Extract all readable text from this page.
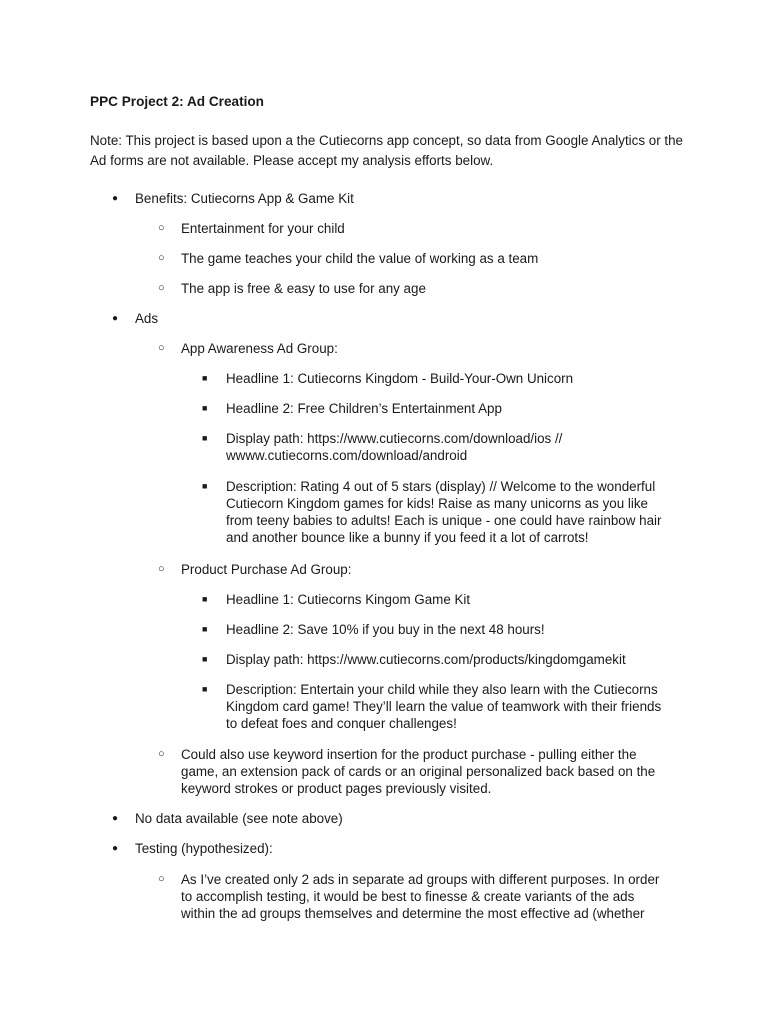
PPC Project 2: Ad Creation
Note: This project is based upon a the Cutiecorns app concept, so data from Google Analytics or the Ad forms are not available. Please accept my analysis efforts below.
● Benefits: Cutiecorns App & Game Kit
○ Entertainment for your child
○ The game teaches your child the value of working as a team
○ The app is free & easy to use for any age
● Ads
○ App Awareness Ad Group:
■ Headline 1: Cutiecorns Kingdom - Build-Your-Own Unicorn
■ Headline 2: Free Children’s Entertainment App
■ Display path: https://www.cutiecorns.com/download/ios //
wwww.cutiecorns.com/download/android
■ Description: Rating 4 out of 5 stars (display) // Welcome to the wonderful
Cutiecorn Kingdom games for kids! Raise as many unicorns as you like
from teeny babies to adults! Each is unique - one could have rainbow hair
and another bounce like a bunny if you feed it a lot of carrots!
○ Product Purchase Ad Group:
■ Headline 1: Cutiecorns Kingom Game Kit
■ Headline 2: Save 10% if you buy in the next 48 hours!
■ Display path: https://www.cutiecorns.com/products/kingdomgamekit
■ Description: Entertain your child while they also learn with the Cutiecorns
Kingdom card game! They’ll learn the value of teamwork with their friends
to defeat foes and conquer challenges!
○ Could also use keyword insertion for the product purchase - pulling either the
game, an extension pack of cards or an original personalized back based on the
keyword strokes or product pages previously visited.
● No data available (see note above)
● Testing (hypothesized):
○ As I’ve created only 2 ads in separate ad groups with different purposes. In order
to accomplish testing, it would be best to finesse & create variants of the ads
within the ad groups themselves and determine the most effective ad (whether
